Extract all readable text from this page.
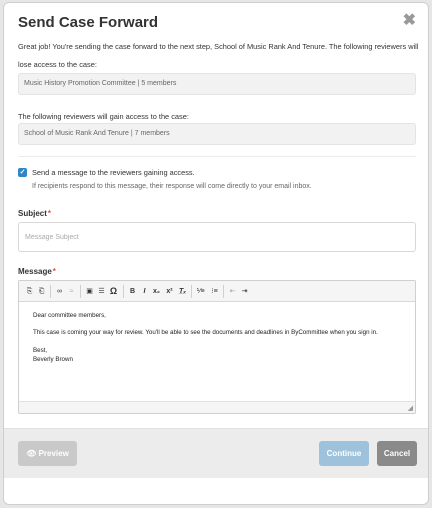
Send Case Forward	✖
Great job! You're sending the case forward to the next step, School of Music Rank And Tenure. The following reviewers will
lose access to the case:
Music History Promotion Committee | 5 members
The following reviewers will gain access to the case:
School of Music Rank And Tenure | 7 members
✓ Send a message to the reviewers gaining access.
If recipients respond to this message, their response will come directly to your email inbox.
Subject*
Message Subject
Message*
⎘ ⎗	∞	≈	▣ ☰ Ω	B	I	x₂ x² T̲ₓ ⅟≡ ⁝≡	⇤ ⇥
Dear committee members,
This case is coming your way for review. You'll be able to see the documents and deadlines in ByCommittee when you sign in.
Best,
Beverly Brown
◢
👁 Preview	Continue	Cancel
